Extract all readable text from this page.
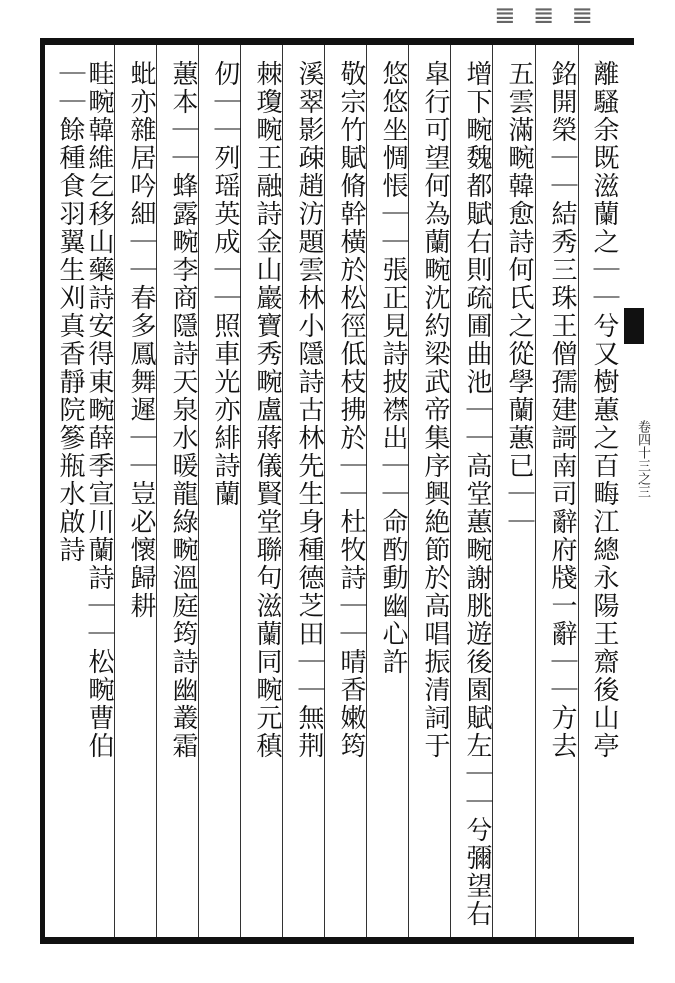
𝌆 𝌆 𝌆
卷四十三之三
離騷余既滋蘭之｜｜兮又樹蕙之百畮江總永陽王齋後山亭
銘開榮｜｜結秀三珠王僧孺建謌南司辭府牋一辭｜｜方去
五雲滿畹韓愈詩何氏之從學蘭蕙已｜｜
增下畹魏都賦右則疏圃曲池｜｜高堂蕙畹謝朓遊後園賦左｜｜兮彌望右
皐行可望何為蘭畹沈約梁武帝集序興絶節於高唱振清詞于
悠悠坐惆悵｜｜張正見詩披襟出｜｜命酌動幽心許
敬宗竹賦脩幹橫於松徑低枝拂於｜｜杜牧詩｜｜晴香嫩筠
溪翠影疎趙汸題雲林小隱詩古林先生身種德芝田｜｜無荆
棘瓊畹王融詩金山巖寶秀畹盧蔣儀賢堂聯句滋蘭同畹元稹
仞｜｜列瑶英成｜｜照車光亦緋詩蘭
蕙本｜｜蜂露畹李商隱詩天泉水暖龍綠畹溫庭筠詩幽叢霜
蚍亦雜居吟細｜｜春多鳳舞遲｜｜豈必懷歸耕
畦畹韓維乞移山藥詩安得東畹薛季宣川蘭詩｜｜松畹曹伯
｜｜餘種食羽翼生刈真香靜院篸瓶水啟詩
